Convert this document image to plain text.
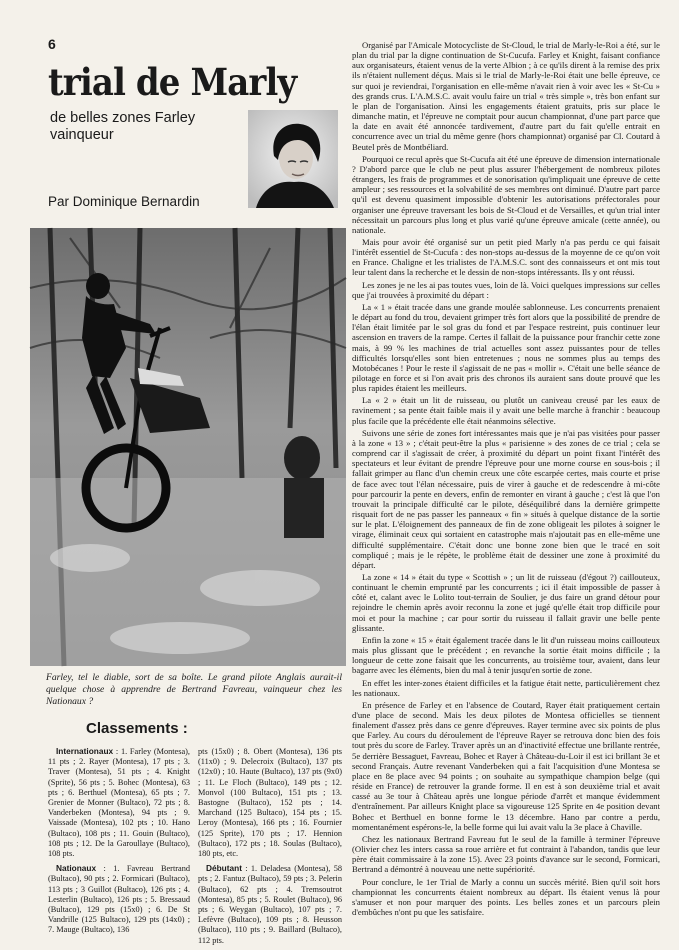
6
trial de Marly
de belles zones Farley vainqueur
Par Dominique Bernardin
Farley, tel le diable, sort de sa boîte. Le grand pilote Anglais aurait-il quelque chose à apprendre de Bertrand Favreau, vainqueur chez les Nationaux ?
Classements :

Internationaux : 1. Farley (Montesa), 11 pts ; 2. Rayer (Montesa), 17 pts ; 3. Traver (Montesa), 51 pts ; 4. Knight (Sprite), 56 pts ; 5. Bohec (Montesa), 63 pts ; 6. Berthuel (Montesa), 65 pts ; 7. Grenier de Monner (Bultaco), 72 pts ; 8. Vanderbeken (Montesa), 94 pts ; 9. Vaissade (Montesa), 102 pts ; 10. Hano (Bultaco), 108 pts ; 11. Gouin (Bultaco), 108 pts ; 12. De la Garoullaye (Bultaco), 108 pts.

Nationaux : 1. Favreau Bertrand (Bultaco), 90 pts ; 2. Formicari (Bultaco), 113 pts ; 3 Guillot (Bultaco), 126 pts ; 4. Lesterlin (Bultaco), 126 pts ; 5. Bressaud (Bultaco), 129 pts (15x0) ; 6. De St Vandrille (125 Bultaco), 129 pts (14x0) ; 7. Mauge (Bultaco), 136

pts (15x0) ; 8. Obert (Montesa), 136 pts (11x0) ; 9. Delecroix (Bultaco), 137 pts (12x0) ; 10. Haute (Bultaco), 137 pts (9x0) ; 11. Le Floch (Bultaco), 149 pts ; 12. Monvol (100 Bultaco), 151 pts ; 13. Bastogne (Bultaco), 152 pts ; 14. Marchand (125 Bultaco), 154 pts ; 15. Leroy (Montesa), 166 pts ; 16. Fournier (125 Sprite), 170 pts ; 17. Hennion (Bultaco), 172 pts ; 18. Soulas (Bultaco), 180 pts, etc.

Débutant : 1. Deladesa (Montesa), 58 pts ; 2. Fantuz (Bultaco), 59 pts ; 3. Pelerin (Bultaco), 62 pts ; 4. Tremsoutrot (Montesa), 85 pts ; 5. Roulet (Bultaco), 96 pts ; 6. Weygan (Bultaco), 107 pts ; 7. Lefèvre (Bultaco), 109 pts ; 8. Heusson (Bultaco), 110 pts ; 9. Baillard (Bultaco), 112 pts.

Organisé par l'Amicale Motocycliste de St-Cloud, le trial de Marly-le-Roi a été, sur le plan du trial par la digne continuation de St-Cucufa. Farley et Knight, faisant confiance aux organisateurs, étaient venus de la verte Albion ; à ce qu'ils dirent à la remise des prix ils n'étaient nullement déçus. Mais si le trial de Marly-le-Roi était une belle épreuve, ce sur quoi je reviendrai, l'organisation en elle-même n'avait rien à voir avec les « St-Cu » des grands crus. L'A.M.S.C. avait voulu faire un trial « très simple », très bon enfant sur le plan de l'organisation. Ainsi les engagements étaient gratuits, pris sur place le dimanche matin, et l'épreuve ne comptait pour aucun championnat, d'une part parce que la date en avait été annoncée tardivement, d'autre part du fait qu'elle entrait en concurrence avec un trial du même genre (hors championnat) organisé par Cl. Coutard à Beutel près de Montbéliard.

Pourquoi ce recul après que St-Cucufa ait été une épreuve de dimension internationale ? D'abord parce que le club ne peut plus assurer l'hébergement de nombreux pilotes étrangers, les frais de programmes et de sonorisation qu'impliquait une épreuve de cette ampleur ; ses ressources et la solvabilité de ses membres ont diminué. D'autre part parce qu'il est devenu quasiment impossible d'obtenir les autorisations préfectorales pour organiser une épreuve traversant les bois de St-Cloud et de Versailles, et qu'un trial inter nécessitait un parcours plus long et plus varié qu'une épreuve amicale (cette année), ou nationale.

Mais pour avoir été organisé sur un petit pied Marly n'a pas perdu ce qui faisait l'intérêt essentiel de St-Cucufa : des non-stops au-dessus de la moyenne de ce qu'on voit en France. Chaligne et les trialistes de l'A.M.S.C. sont des connaisseurs et ont mis tout leur talent dans la recherche et le dessin de non-stops intéressants. Ils y ont réussi.

Les zones je ne les ai pas toutes vues, loin de là. Voici quelques impressions sur celles que j'ai trouvées à proximité du départ :

La « 1 » était tracée dans une grande moulée sablonneuse. Les concurrents prenaient le départ au fond du trou, devaient grimper très fort alors que la possibilité de prendre de l'élan était limitée par le sol gras du fond et par l'espace restreint, puis continuer leur ascension en travers de la rampe. Certes il fallait de la puissance pour franchir cette zone mais, à 99 % les machines de trial actuelles sont assez puissantes pour de telles difficultés lorsqu'elles sont bien entretenues ; nous ne sommes plus au temps des Motobécanes ! Pour le reste il s'agissait de ne pas « mollir ». C'était une belle séance de pilotage en force et si l'on avait pris des chronos ils auraient sans doute prouvé que les plus rapides étaient les meilleurs.

La « 2 » était un lit de ruisseau, ou plutôt un caniveau creusé par les eaux de ravinement ; sa pente était faible mais il y avait une belle marche à franchir : beaucoup plus facile que la précédente elle était néanmoins sélective.

Suivons une série de zones fort intéressantes mais que je n'ai pas visitées pour passer à la zone « 13 » ; c'était peut-être la plus « parisienne » des zones de ce trial ; cela se comprend car il s'agissait de créer, à proximité du départ un point fixant l'intérêt des spectateurs et leur évitant de prendre l'épreuve pour une morne course en sous-bois ; il fallait grimper au flanc d'un chemin creux une côte escarpée certes, mais courte et prise de face avec tout l'élan nécessaire, puis de virer à gauche et de redescendre à mi-côte pour parcourir la pente en devers, enfin de remonter en virant à gauche ; c'est là que l'on trouvait la principale difficulté car le pilote, déséquilibré dans la dernière grimpette risquait fort de ne pas passer les panneaux « fin » situés à quelque distance de la sortie sur le plat. L'éloignement des panneaux de fin de zone obligeait les pilotes à soigner le virage, éliminait ceux qui sortaient en catastrophe mais n'ajoutait pas en elle-même une difficulté supplémentaire. C'était donc une bonne zone bien que le tracé en soit compliqué ; mais je le répète, le problème était de dessiner une zone à proximité du départ.

La zone « 14 » était du type « Scottish » ; un lit de ruisseau (d'égout ?) caillouteux, continuant le chemin emprunté par les concurrents ; ici il était impossible de passer à côté et, calant avec le Lolito tout-terrain de Soulier, je dus faire un grand détour pour rejoindre le chemin après avoir reconnu la zone et jugé qu'elle était trop difficile pour moi et pour la machine ; car pour sortir du ruisseau il fallait gravir une belle pente glissante.

Enfin la zone « 15 » était également tracée dans le lit d'un ruisseau moins caillouteux mais plus glissant que le précédent ; en revanche la sortie était moins difficile ; la longueur de cette zone faisait que les concurrents, au troisième tour, avaient, dans leur bagarre avec les éléments, bien du mal à tenir jusqu'en sortie de zone.

En effet les inter-zones étaient difficiles et la fatigue était nette, particulièrement chez les nationaux.

En présence de Farley et en l'absence de Coutard, Rayer était pratiquement certain d'une place de second. Mais les deux pilotes de Montesa officielles se tiennent finalement d'assez près dans ce genre d'épreuves. Rayer termine avec six points de plus que Farley. Au cours du déroulement de l'épreuve Rayer se retrouva donc bien des fois tout près du score de Farley. Traver après un an d'inactivité effectue une brillante rentrée, 5e derrière Bessaguet, Favreau, Bohec et Rayer à Château-du-Loir il est ici brillant 3e et second Français. Autre revenant Vanderbeken qui a fait l'acquisition d'une Montesa se place en 8e place avec 94 points ; on souhaite au sympathique champion belge (qui réside en France) de retrouver la grande forme. Il en est à son deuxième trial et avait cassé au 3e tour à Château après une longue période d'arrêt et manque évidemment d'entraînement. Par ailleurs Knight place sa vigoureuse 125 Sprite en 4e position devant Bohec et Berthuel en bonne forme le 13 décembre. Hano par contre a perdu, momentanément espérons-le, la belle forme qui lui avait valu la 3e place à Chaville.

Chez les nationaux Bertrand Favreau fut le seul de la famille à terminer l'épreuve (Olivier chez les inters cassa sa roue arrière et fut contraint à l'abandon, tandis que leur père était commissaire à la zone 15). Avec 23 points d'avance sur le second, Formicari, Bertrand a démontré à nouveau une nette supériorité.

Pour conclure, le 1er Trial de Marly a connu un succès mérité. Bien qu'il soit hors championnat les concurrents étaient nombreux au départ. Ils étaient venus là pour s'amuser et non pour marquer des points. Les belles zones et un parcours plein d'embûches n'ont pu que les satisfaire.
